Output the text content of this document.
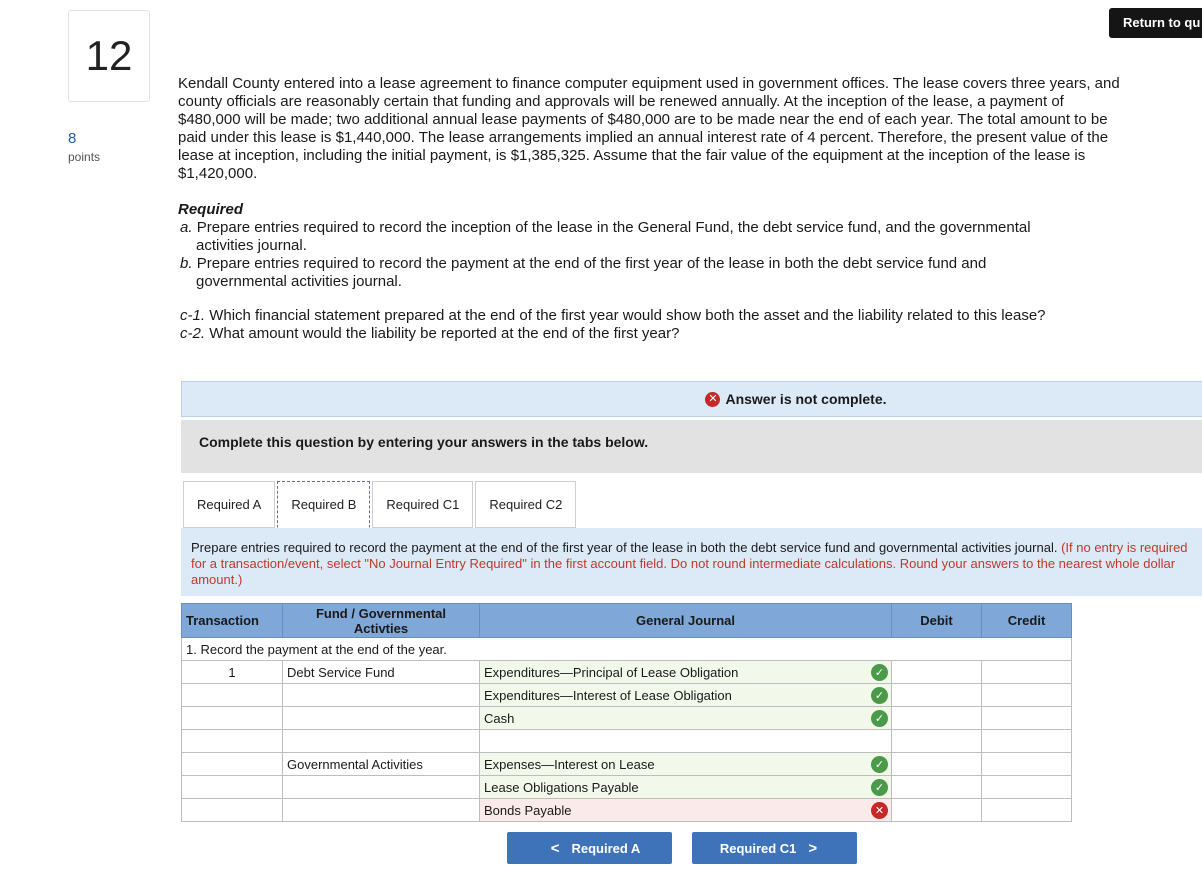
12
8
points
Return to qu
Kendall County entered into a lease agreement to finance computer equipment used in government offices. The lease covers three years, and county officials are reasonably certain that funding and approvals will be renewed annually. At the inception of the lease, a payment of $480,000 will be made; two additional annual lease payments of $480,000 are to be made near the end of each year. The total amount to be paid under this lease is $1,440,000. The lease arrangements implied an annual interest rate of 4 percent. Therefore, the present value of the lease at inception, including the initial payment, is $1,385,325. Assume that the fair value of the equipment at the inception of the lease is $1,420,000.
Required
a. Prepare entries required to record the inception of the lease in the General Fund, the debt service fund, and the governmental
activities journal.
b. Prepare entries required to record the payment at the end of the first year of the lease in both the debt service fund and
governmental activities journal.
c-1. Which financial statement prepared at the end of the first year would show both the asset and the liability related to this lease?
c-2. What amount would the liability be reported at the end of the first year?
✕ Answer is not complete.
Complete this question by entering your answers in the tabs below.
Required A	Required B	Required C1	Required C2
Prepare entries required to record the payment at the end of the first year of the lease in both the debt service fund and governmental activities journal. (If no entry is required for a transaction/event, select "No Journal Entry Required" in the first account field. Do not round intermediate calculations. Round your answers to the nearest whole dollar amount.)
Transaction	Fund / Governmental
Activties	General Journal	Debit	Credit
1. Record the payment at the end of the year.				
1	Debt Service Fund	Expenditures—Principal of Lease Obligation ✓		

		Expenditures—Interest of Lease Obligation ✓		

		Cash ✓		

	Governmental Activities	Expenses—Interest on Lease ✓		

		Lease Obligations Payable ✓		

		Bonds Payable ✕		

< Required A	Required C1 >
